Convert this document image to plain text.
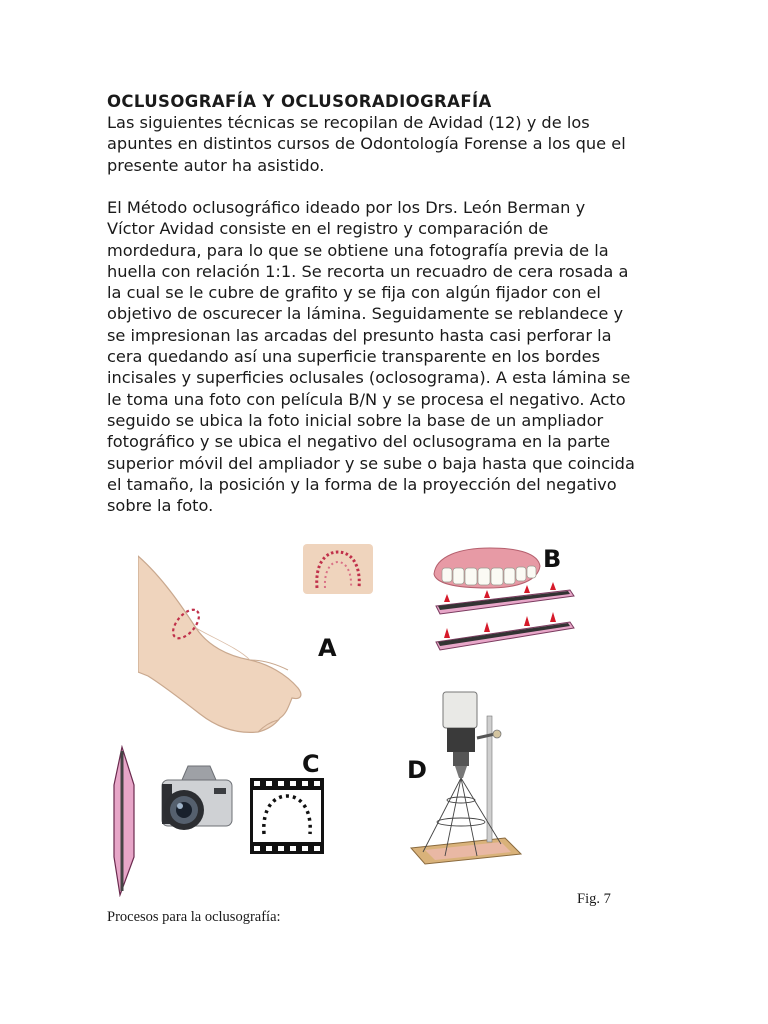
OCLUSOGRAFÍA Y OCLUSORADIOGRAFÍA

Las siguientes técnicas se recopilan de Avidad (12) y de los
apuntes en distintos cursos de Odontología Forense a los que el
presente autor ha asistido.

El Método oclusográfico ideado por los Drs. León Berman y
Víctor Avidad consiste en el registro y comparación de
mordedura, para lo que se obtiene una fotografía previa de la
huella con relación 1:1. Se recorta un recuadro de cera rosada a
la cual se le cubre de grafito y se fija con algún fijador con el
objetivo de oscurecer la lámina. Seguidamente se reblandece y
se impresionan las arcadas del presunto hasta casi perforar la
cera quedando así una superficie transparente en los bordes
incisales y superficies oclusales (oclosograma). A esta lámina se
le toma una foto con película B/N y se procesa el negativo. Acto
seguido se ubica la foto inicial sobre la base de un ampliador
fotográfico y se ubica el negativo del oclusograma en la parte
superior móvil del ampliador y se sube o baja hasta que coincida
el tamaño, la posición y la forma de la proyección del negativo
sobre la foto.

A
B
C	D
Fig. 7
Procesos para la oclusografía:
